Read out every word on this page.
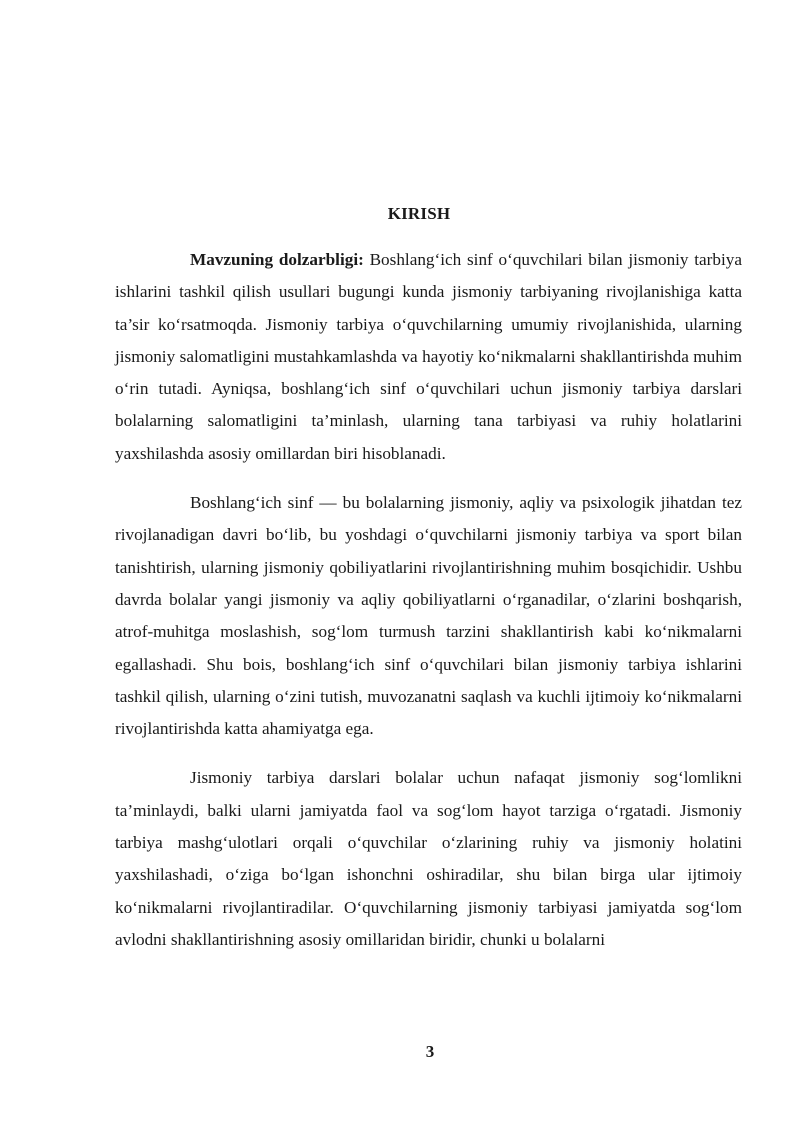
KIRISH

Mavzuning dolzarbligi: Boshlang‘ich sinf o‘quvchilari bilan jismoniy tarbiya ishlarini tashkil qilish usullari bugungi kunda jismoniy tarbiyaning rivojlanishiga katta ta’sir ko‘rsatmoqda. Jismoniy tarbiya o‘quvchilarning umumiy rivojlanishida, ularning jismoniy salomatligini mustahkamlashda va hayotiy ko‘nikmalarni shakllantirishda muhim o‘rin tutadi. Ayniqsa, boshlang‘ich sinf o‘quvchilari uchun jismoniy tarbiya darslari bolalarning salomatligini ta’minlash, ularning tana tarbiyasi va ruhiy holatlarini yaxshilashda asosiy omillardan biri hisoblanadi.

Boshlang‘ich sinf — bu bolalarning jismoniy, aqliy va psixologik jihatdan tez rivojlanadigan davri bo‘lib, bu yoshdagi o‘quvchilarni jismoniy tarbiya va sport bilan tanishtirish, ularning jismoniy qobiliyatlarini rivojlantirishning muhim bosqichidir. Ushbu davrda bolalar yangi jismoniy va aqliy qobiliyatlarni o‘rganadilar, o‘zlarini boshqarish, atrof-muhitga moslashish, sog‘lom turmush tarzini shakllantirish kabi ko‘nikmalarni egallashadi. Shu bois, boshlang‘ich sinf o‘quvchilari bilan jismoniy tarbiya ishlarini tashkil qilish, ularning o‘zini tutish, muvozanatni saqlash va kuchli ijtimoiy ko‘nikmalarni rivojlantirishda katta ahamiyatga ega.

Jismoniy tarbiya darslari bolalar uchun nafaqat jismoniy sog‘lomlikni ta’minlaydi, balki ularni jamiyatda faol va sog‘lom hayot tarziga o‘rgatadi. Jismoniy tarbiya mashg‘ulotlari orqali o‘quvchilar o‘zlarining ruhiy va jismoniy holatini yaxshilashadi, o‘ziga bo‘lgan ishonchni oshiradilar, shu bilan birga ular ijtimoiy ko‘nikmalarni rivojlantiradilar. O‘quvchilarning jismoniy tarbiyasi jamiyatda sog‘lom avlodni shakllantirishning asosiy omillaridan biridir, chunki u bolalarni

3
